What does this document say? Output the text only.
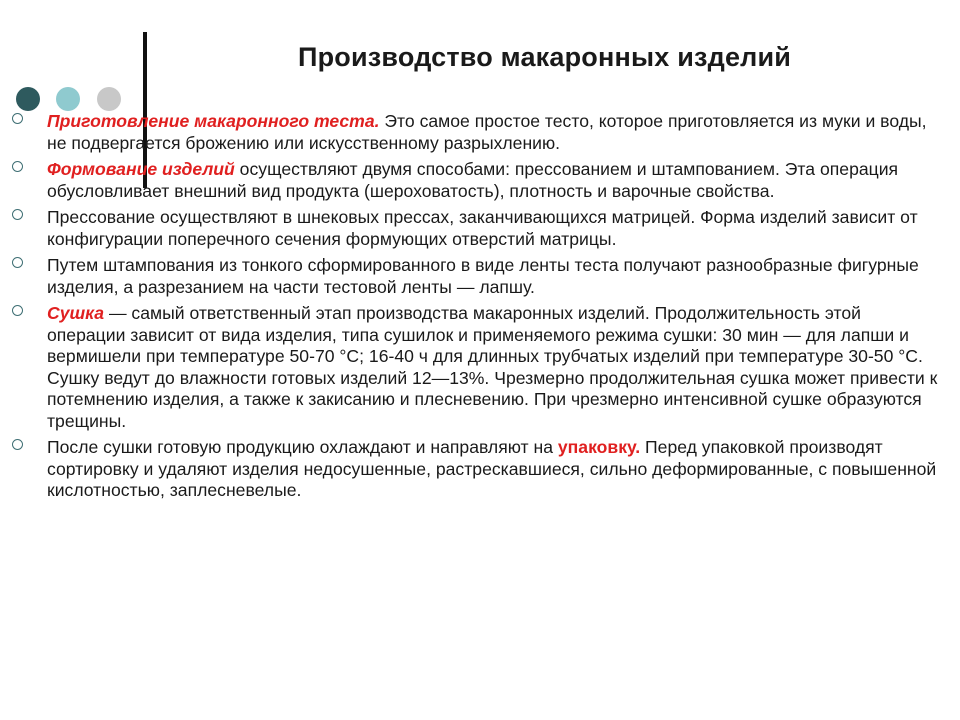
Производство макаронных изделий
Приготовление макаронного теста. Это самое простое тесто, которое приготовляется из муки и воды, не подвергается брожению или искусственному разрыхлению.
Формование изделий осуществляют двумя способами: прессованием и штампованием. Эта операция обусловливает внешний вид продукта (шероховатость), плотность и варочные свойства.
Прессование осуществляют в шнековых прессах, заканчивающихся матрицей. Форма изделий зависит от конфигурации поперечного сечения формующих отверстий матрицы.
Путем штампования из тонкого сформированного в виде ленты теста получают разнообразные фигурные изделия, а разрезанием на части тестовой ленты — лапшу.
Сушка — самый ответственный этап производства макаронных изделий. Продолжительность этой операции зависит от вида изделия, типа сушилок и применяемого режима сушки: 30 мин — для лапши и вермишели при температуре 50-70 °С; 16-40 ч для длинных трубчатых изделий при температуре 30-50 °С. Сушку ведут до влажности готовых изделий 12—13%. Чрезмерно продолжительная сушка может привести к потемнению изделия, а также к закисанию и плесневению. При чрезмерно интенсивной сушке образуются трещины.
После сушки готовую продукцию охлаждают и направляют на упаковку. Перед упаковкой производят сортировку и удаляют изделия недосушенные, растрескавшиеся, сильно деформированные, с повышенной кислотностью, заплесневелые.
